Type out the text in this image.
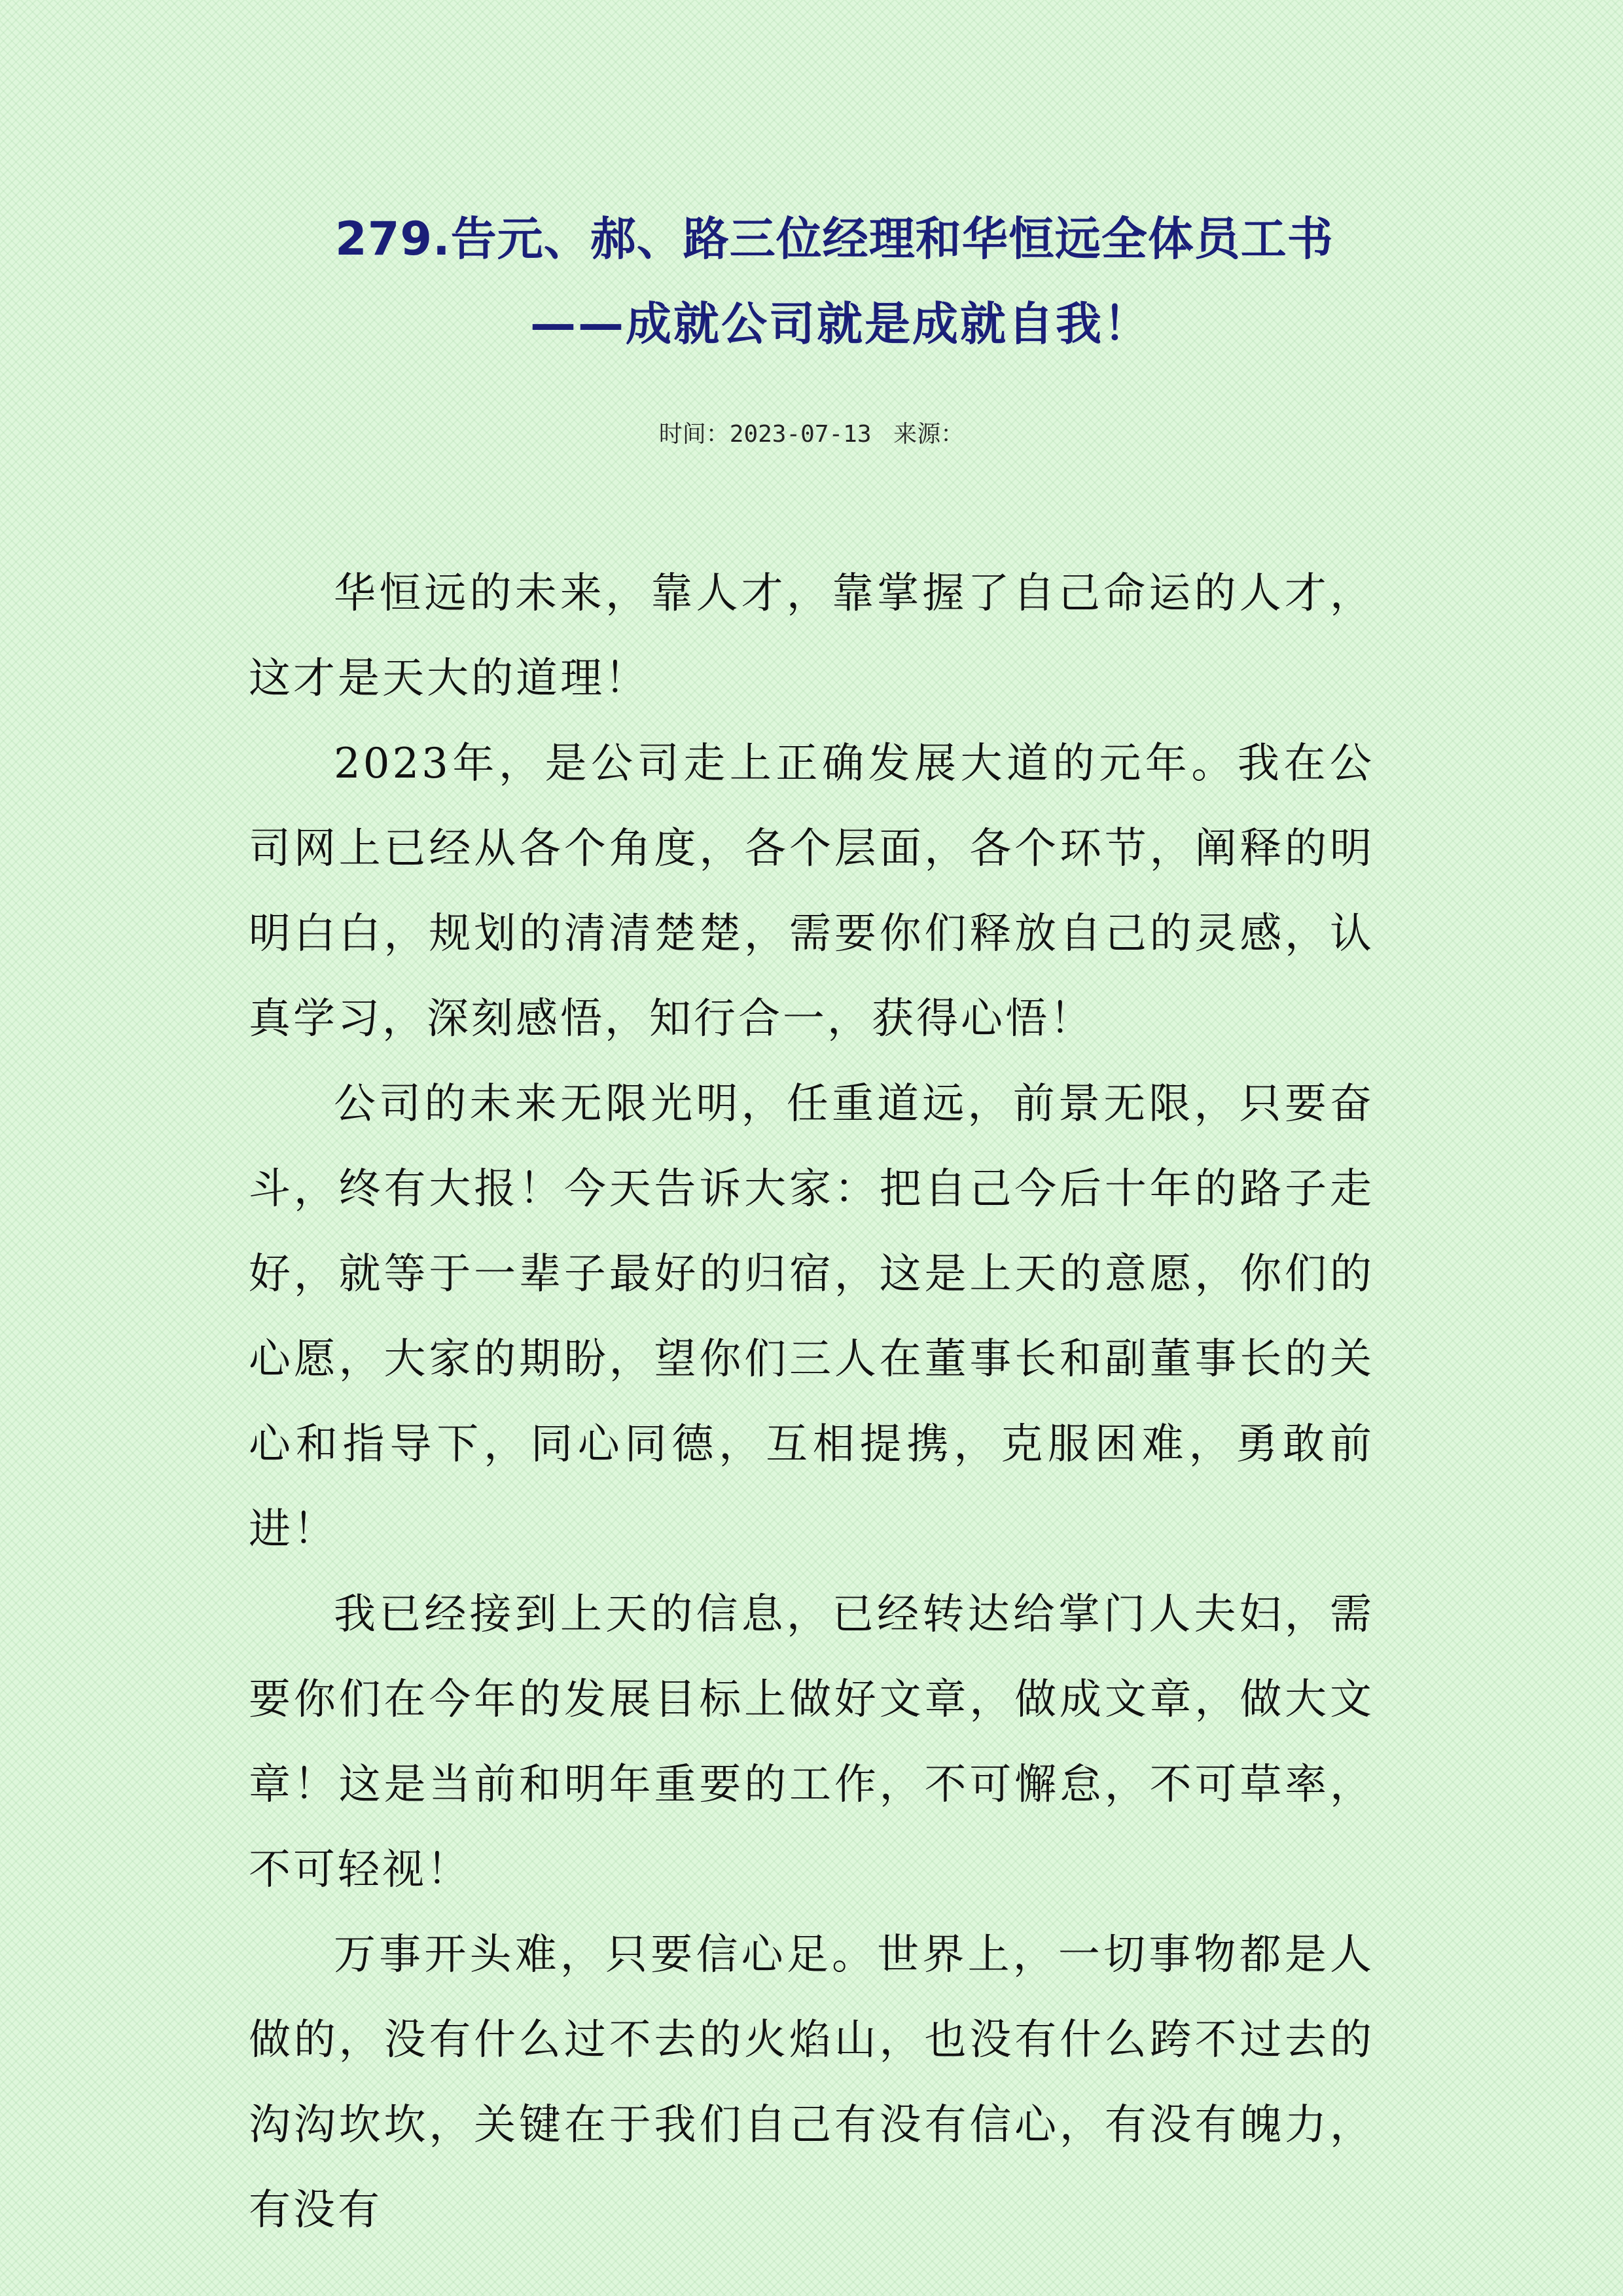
279.告元、郝、路三位经理和华恒远全体员工书
——成就公司就是成就自我！
时间：2023-07-13 来源：

华恒远的未来，靠人才，靠掌握了自己命运的人才，这才是天大的道理！

2023年，是公司走上正确发展大道的元年。我在公司网上已经从各个角度，各个层面，各个环节，阐释的明明白白，规划的清清楚楚，需要你们释放自己的灵感，认真学习，深刻感悟，知行合一，获得心悟！

公司的未来无限光明，任重道远，前景无限，只要奋斗，终有大报！今天告诉大家：把自己今后十年的路子走好，就等于一辈子最好的归宿，这是上天的意愿，你们的心愿，大家的期盼，望你们三人在董事长和副董事长的关心和指导下，同心同德，互相提携，克服困难，勇敢前进！

我已经接到上天的信息，已经转达给掌门人夫妇，需要你们在今年的发展目标上做好文章，做成文章，做大文章！这是当前和明年重要的工作，不可懈怠，不可草率，不可轻视！

万事开头难，只要信心足。世界上，一切事物都是人做的，没有什么过不去的火焰山，也没有什么跨不过去的沟沟坎坎，关键在于我们自己有没有信心，有没有魄力，有没有
